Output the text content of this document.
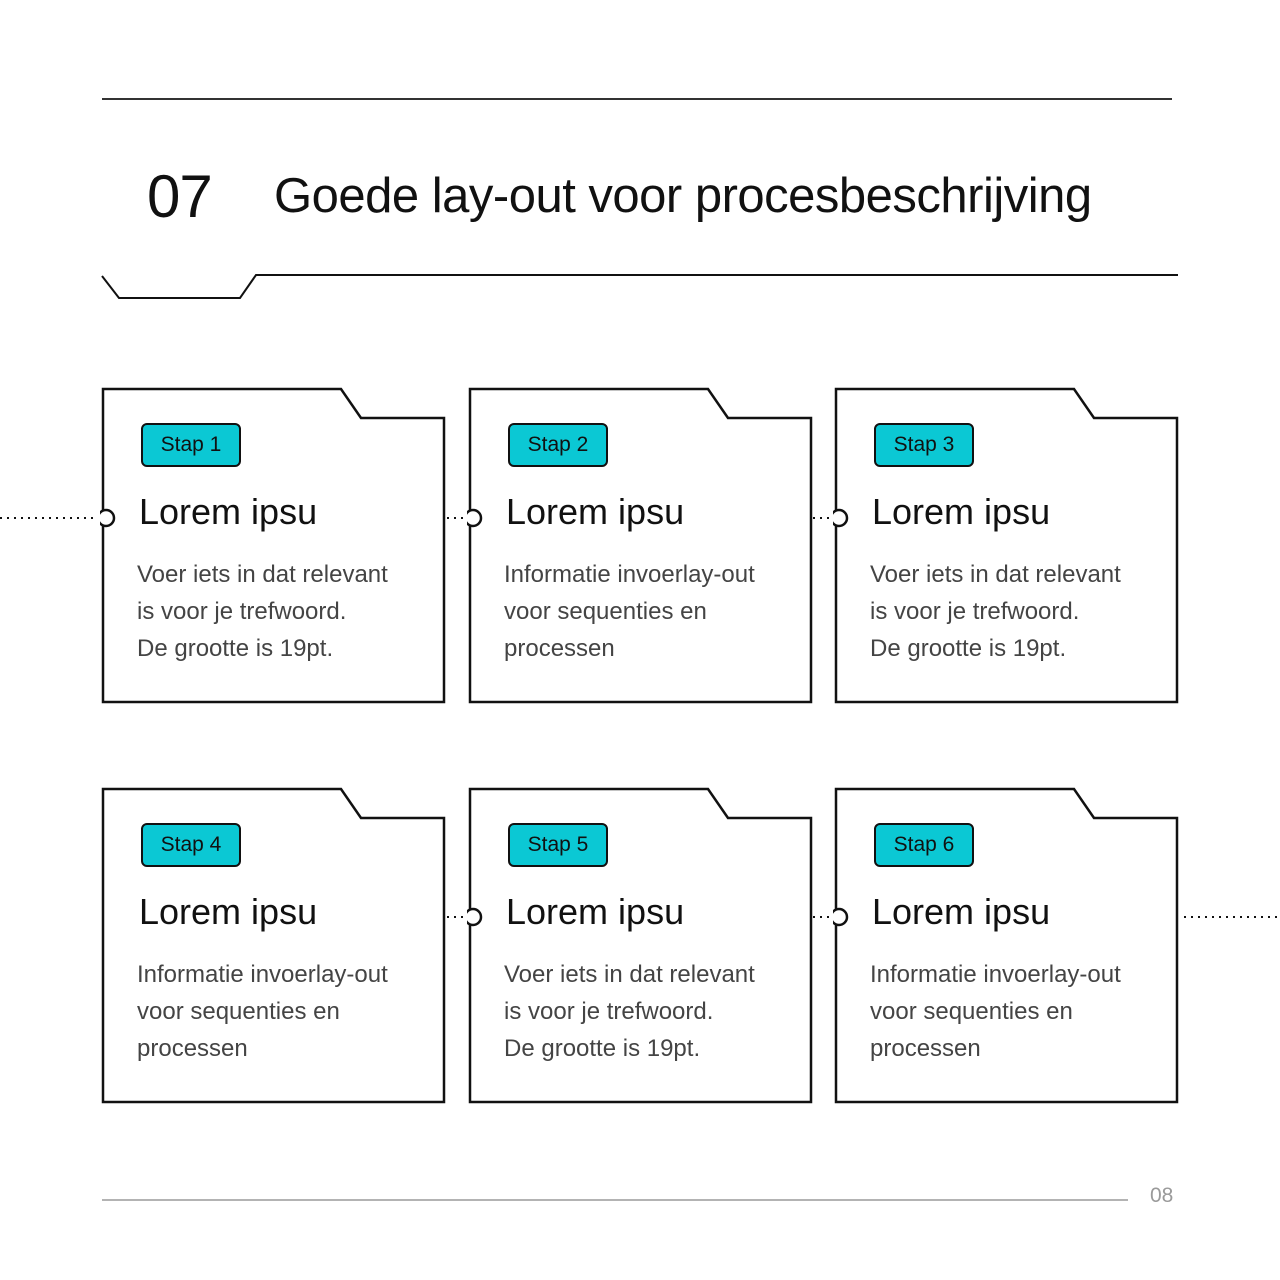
07 Goede lay-out voor procesbeschrijving
Stap 1
Lorem ipsu
Voer iets in dat relevant
is voor je trefwoord.
De grootte is 19pt.
Stap 2
Lorem ipsu
Informatie invoerlay-out
voor sequenties en
processen
Stap 3
Lorem ipsu
Voer iets in dat relevant
is voor je trefwoord.
De grootte is 19pt.
Stap 4
Lorem ipsu
Informatie invoerlay-out
voor sequenties en
processen
Stap 5
Lorem ipsu
Voer iets in dat relevant
is voor je trefwoord.
De grootte is 19pt.
Stap 6
Lorem ipsu
Informatie invoerlay-out
voor sequenties en
processen
08
